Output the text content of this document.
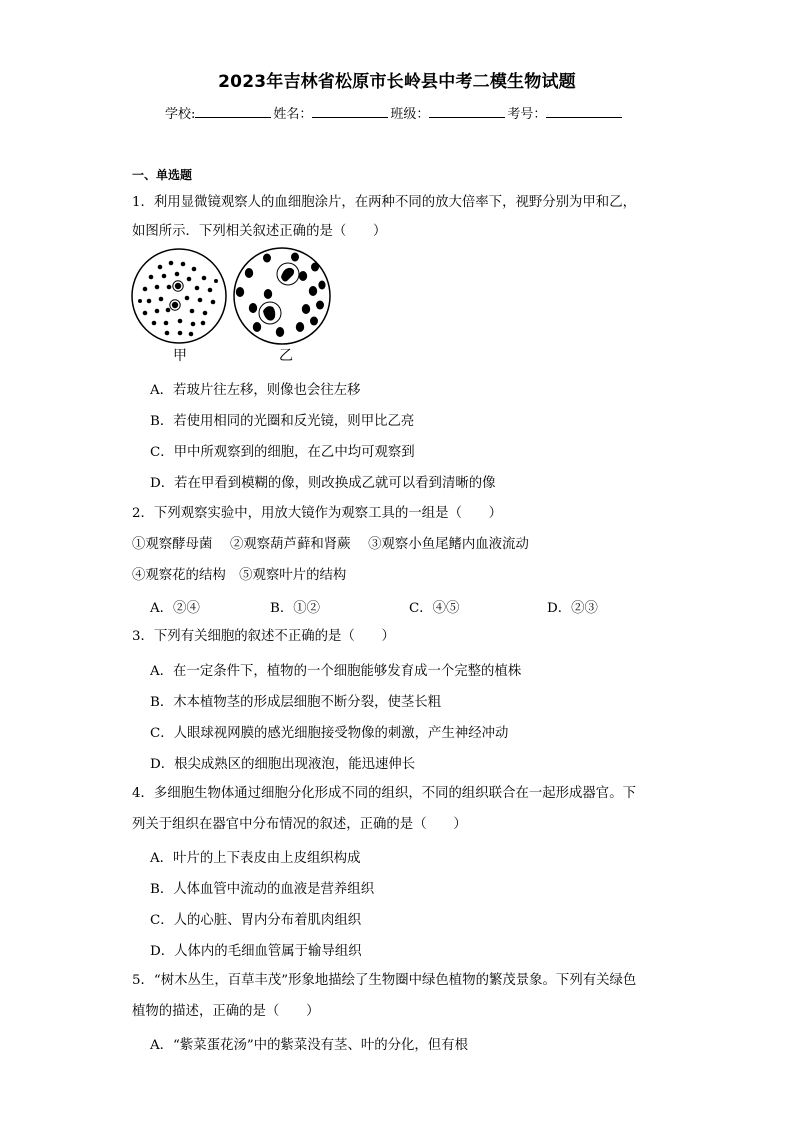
2023年吉林省松原市长岭县中考二模生物试题
学校:	姓名：	班级：	考号：
一、单选题
1．利用显微镜观察人的血细胞涂片，在两种不同的放大倍率下，视野分别为甲和乙，
如图所示．下列相关叙述正确的是（　　）
甲	乙
A．若玻片往左移，则像也会往左移
B．若使用相同的光圈和反光镜，则甲比乙亮
C．甲中所观察到的细胞，在乙中均可观察到
D．若在甲看到模糊的像，则改换成乙就可以看到清晰的像
2．下列观察实验中，用放大镜作为观察工具的一组是（　　）
①观察酵母菌　 ②观察葫芦藓和肾蕨　 ③观察小鱼尾鳍内血液流动
④观察花的结构　⑤观察叶片的结构
A．②④	B．①②	C．④⑤	D．②③
3．下列有关细胞的叙述不正确的是（　　）
A．在一定条件下，植物的一个细胞能够发育成一个完整的植株
B．木本植物茎的形成层细胞不断分裂，使茎长粗
C．人眼球视网膜的感光细胞接受物像的刺激，产生神经冲动
D．根尖成熟区的细胞出现液泡，能迅速伸长
4．多细胞生物体通过细胞分化形成不同的组织，不同的组织联合在一起形成器官。下
列关于组织在器官中分布情况的叙述，正确的是（　　）
A．叶片的上下表皮由上皮组织构成
B．人体血管中流动的血液是营养组织
C．人的心脏、胃内分布着肌肉组织
D．人体内的毛细血管属于输导组织
5．“树木丛生，百草丰茂”形象地描绘了生物圈中绿色植物的繁茂景象。下列有关绿色
植物的描述，正确的是（　　）
A．“紫菜蛋花汤”中的紫菜没有茎、叶的分化，但有根
